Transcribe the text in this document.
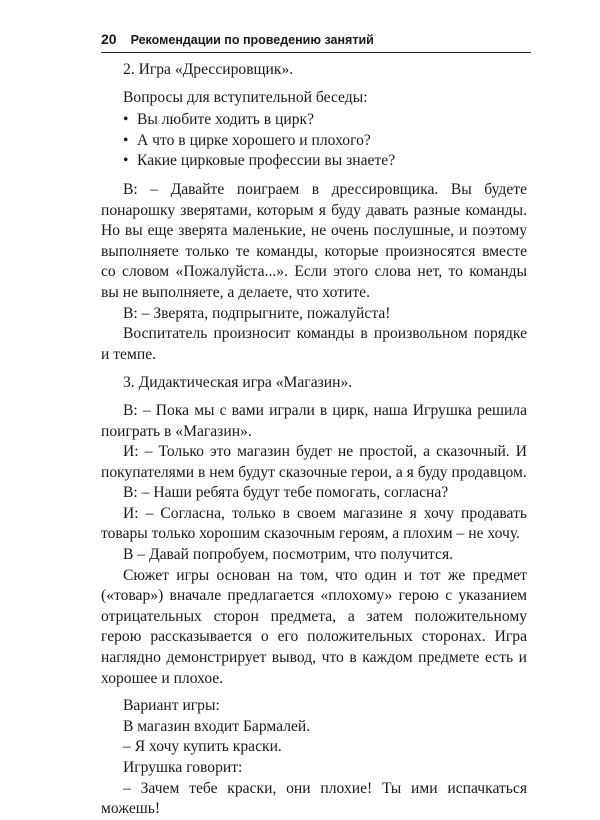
20 Рекомендации по проведению занятий

2. Игра «Дрессировщик».

Вопросы для вступительной беседы:

• Вы любите ходить в цирк?
• А что в цирке хорошего и плохого?
• Какие цирковые профессии вы знаете?

В: – Давайте поиграем в дрессировщика. Вы будете понарошку зверятами, которым я буду давать разные команды. Но вы еще зверята маленькие, не очень послушные, и поэтому выполняете только те команды, которые произносятся вместе со словом «Пожалуйста...». Если этого слова нет, то команды вы не выполняете, а делаете, что хотите.

В: – Зверята, подпрыгните, пожалуйста!

Воспитатель произносит команды в произвольном порядке и темпе.

3. Дидактическая игра «Магазин».

В: – Пока мы с вами играли в цирк, наша Игрушка решила поиграть в «Магазин».

И: – Только это магазин будет не простой, а сказочный. И покупателями в нем будут сказочные герои, а я буду продавцом.

В: – Наши ребята будут тебе помогать, согласна?

И: – Согласна, только в своем магазине я хочу продавать товары только хорошим сказочным героям, а плохим – не хочу.

В – Давай попробуем, посмотрим, что получится.

Сюжет игры основан на том, что один и тот же предмет («товар») вначале предлагается «плохому» герою с указанием отрицательных сторон предмета, а затем положительному герою рассказывается о его положительных сторонах. Игра наглядно демонстрирует вывод, что в каждом предмете есть и хорошее и плохое.

Вариант игры:

В магазин входит Бармалей.

– Я хочу купить краски.

Игрушка говорит:

– Зачем тебе краски, они плохие! Ты ими испачкаться можешь!
